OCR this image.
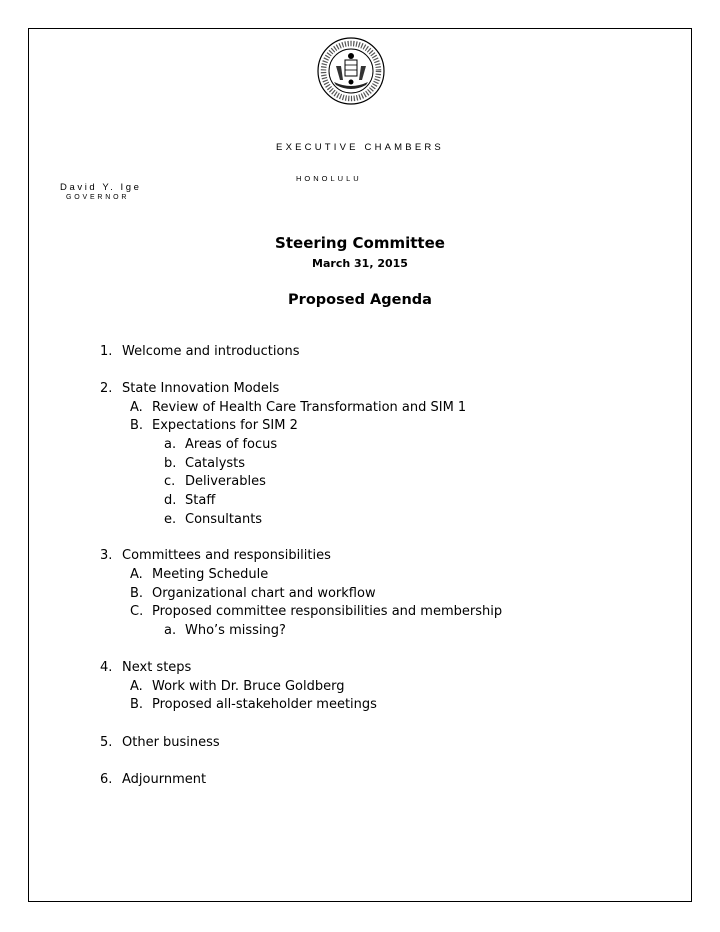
EXECUTIVE CHAMBERS
HONOLULU
David Y. Ige
GOVERNOR
Steering Committee
March 31, 2015
Proposed Agenda
1. Welcome and introductions
2. State Innovation Models
A. Review of Health Care Transformation and SIM 1
B. Expectations for SIM 2
a. Areas of focus
b. Catalysts
c. Deliverables
d. Staff
e. Consultants
3. Committees and responsibilities
A. Meeting Schedule
B. Organizational chart and workflow
C. Proposed committee responsibilities and membership
a. Who’s missing?
4. Next steps
A. Work with Dr. Bruce Goldberg
B. Proposed all-stakeholder meetings
5. Other business
6. Adjournment
